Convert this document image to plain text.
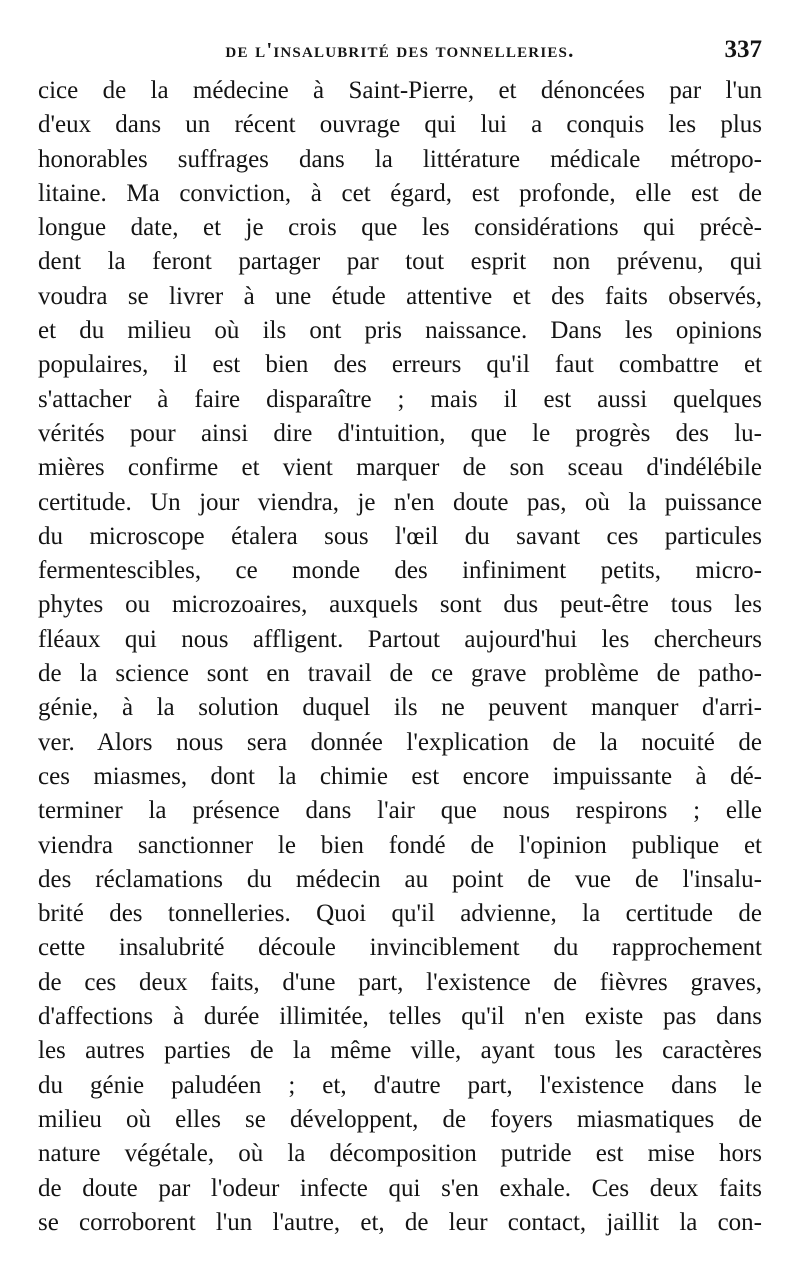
de l'insalubrité des tonnelleries.	337
cice de la médecine à Saint-Pierre, et dénoncées par l'un
d'eux dans un récent ouvrage qui lui a conquis les plus
honorables suffrages dans la littérature médicale métropo-
litaine. Ma conviction, à cet égard, est profonde, elle est de
longue date, et je crois que les considérations qui précè-
dent la feront partager par tout esprit non prévenu, qui
voudra se livrer à une étude attentive et des faits observés,
et du milieu où ils ont pris naissance. Dans les opinions
populaires, il est bien des erreurs qu'il faut combattre et
s'attacher à faire disparaître ; mais il est aussi quelques
vérités pour ainsi dire d'intuition, que le progrès des lu-
mières confirme et vient marquer de son sceau d'indélébile
certitude. Un jour viendra, je n'en doute pas, où la puissance
du microscope étalera sous l'œil du savant ces particules
fermentescibles, ce monde des infiniment petits, micro-
phytes ou microzoaires, auxquels sont dus peut-être tous les
fléaux qui nous affligent. Partout aujourd'hui les chercheurs
de la science sont en travail de ce grave problème de patho-
génie, à la solution duquel ils ne peuvent manquer d'arri-
ver. Alors nous sera donnée l'explication de la nocuité de
ces miasmes, dont la chimie est encore impuissante à dé-
terminer la présence dans l'air que nous respirons ; elle
viendra sanctionner le bien fondé de l'opinion publique et
des réclamations du médecin au point de vue de l'insalu-
brité des tonnelleries. Quoi qu'il advienne, la certitude de
cette insalubrité découle invinciblement du rapprochement
de ces deux faits, d'une part, l'existence de fièvres graves,
d'affections à durée illimitée, telles qu'il n'en existe pas dans
les autres parties de la même ville, ayant tous les caractères
du génie paludéen ; et, d'autre part, l'existence dans le
milieu où elles se développent, de foyers miasmatiques de
nature végétale, où la décomposition putride est mise hors
de doute par l'odeur infecte qui s'en exhale. Ces deux faits
se corroborent l'un l'autre, et, de leur contact, jaillit la con-
